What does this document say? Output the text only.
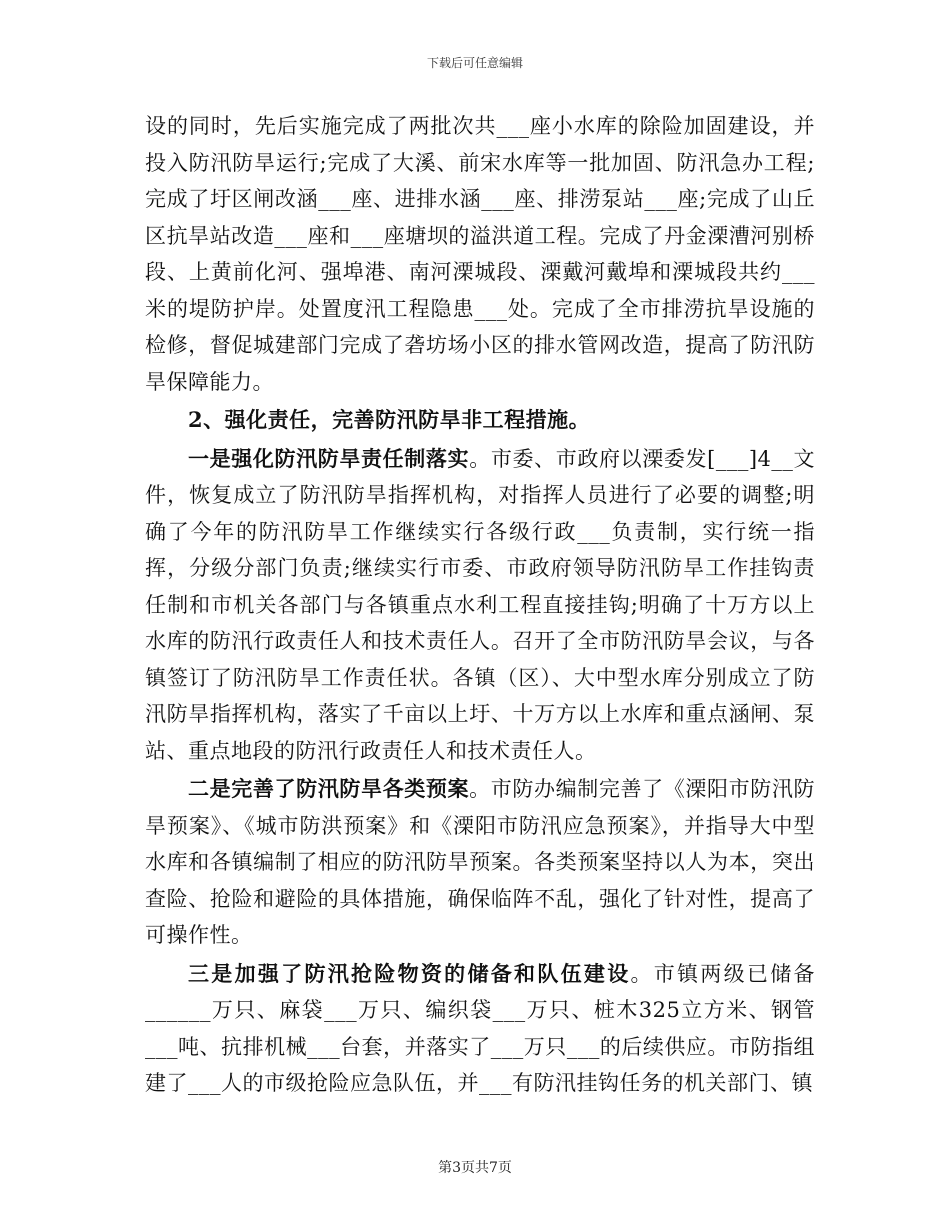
下载后可任意编辑

设的同时，先后实施完成了两批次共___座小水库的除险加固建设，并投入防汛防旱运行;完成了大溪、前宋水库等一批加固、防汛急办工程;完成了圩区闸改涵___座、进排水涵___座、排涝泵站___座;完成了山丘区抗旱站改造___座和___座塘坝的溢洪道工程。完成了丹金溧漕河别桥段、上黄前化河、强埠港、南河溧城段、溧戴河戴埠和溧城段共约___米的堤防护岸。处置度汛工程隐患___处。完成了全市排涝抗旱设施的检修，督促城建部门完成了砻坊场小区的排水管网改造，提高了防汛防旱保障能力。

2、强化责任，完善防汛防旱非工程措施。

一是强化防汛防旱责任制落实。市委、市政府以溧委发[___]4__文件，恢复成立了防汛防旱指挥机构，对指挥人员进行了必要的调整;明确了今年的防汛防旱工作继续实行各级行政___负责制，实行统一指挥，分级分部门负责;继续实行市委、市政府领导防汛防旱工作挂钩责任制和市机关各部门与各镇重点水利工程直接挂钩;明确了十万方以上水库的防汛行政责任人和技术责任人。召开了全市防汛防旱会议，与各镇签订了防汛防旱工作责任状。各镇（区）、大中型水库分别成立了防汛防旱指挥机构，落实了千亩以上圩、十万方以上水库和重点涵闸、泵站、重点地段的防汛行政责任人和技术责任人。

二是完善了防汛防旱各类预案。市防办编制完善了《溧阳市防汛防旱预案》、《城市防洪预案》和《溧阳市防汛应急预案》，并指导大中型水库和各镇编制了相应的防汛防旱预案。各类预案坚持以人为本，突出查险、抢险和避险的具体措施，确保临阵不乱，强化了针对性，提高了可操作性。

三是加强了防汛抢险物资的储备和队伍建设。市镇两级已储备______万只、麻袋___万只、编织袋___万只、桩木325立方米、钢管___吨、抗排机械___台套，并落实了___万只___的后续供应。市防指组建了___人的市级抢险应急队伍，并___有防汛挂钩任务的机关部门、镇

第3页共7页
